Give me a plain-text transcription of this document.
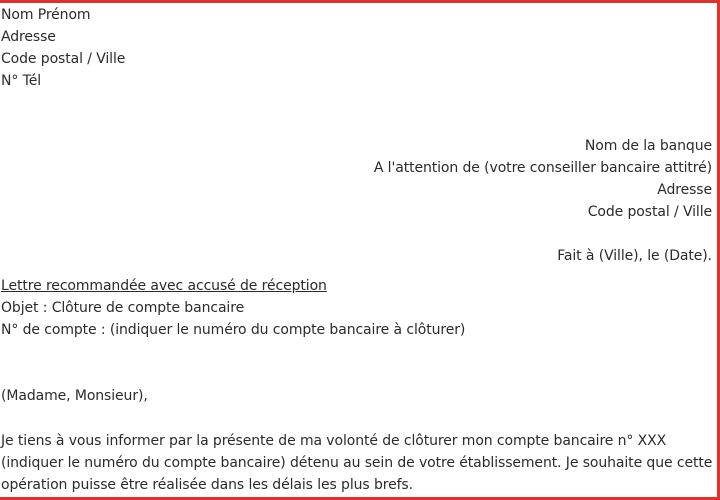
Nom Prénom
Adresse
Code postal / Ville
N° Tél
Nom de la banque
A l'attention de (votre conseiller bancaire attitré)
Adresse
Code postal / Ville
Fait à (Ville), le (Date).
Lettre recommandée avec accusé de réception
Objet : Clôture de compte bancaire
N° de compte : (indiquer le numéro du compte bancaire à clôturer)
(Madame, Monsieur),
Je tiens à vous informer par la présente de ma volonté de clôturer mon compte bancaire n° XXX
(indiquer le numéro du compte bancaire) détenu au sein de votre établissement. Je souhaite que cette
opération puisse être réalisée dans les délais les plus brefs.
